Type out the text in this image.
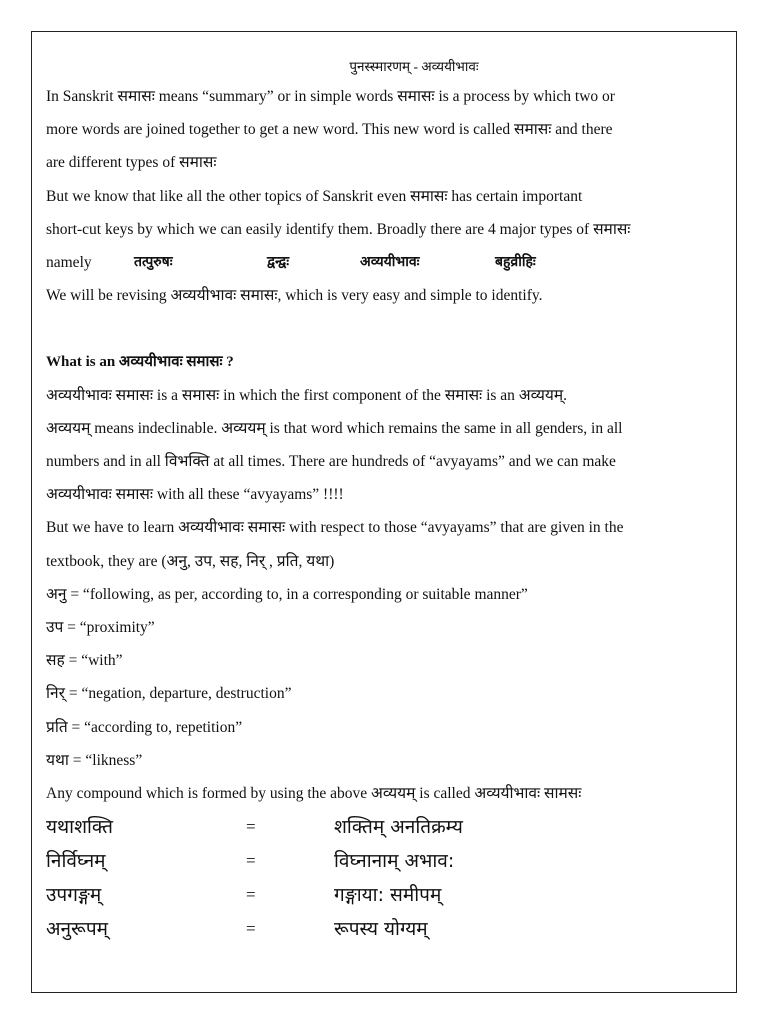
पुनस्स्मारणम् - अव्ययीभावः
In Sanskrit समासः means “summary” or in simple words समासः is a process by which two or
more words are joined together to get a new word. This new word is called समासः and there
are different types of समासः
But we know that like all the other topics of Sanskrit even समासः has certain important
short-cut keys by which we can easily identify them. Broadly there are 4 major types of समासः
namely	तत्पुरुषः	द्वन्द्वः	अव्ययीभावः	बहुव्रीहिः
We will be revising अव्ययीभावः समासः, which is very easy and simple to identify.
What is an अव्ययीभावः समासः ?
अव्ययीभावः समासः is a समासः in which the first component of the समासः is an अव्ययम्.
अव्ययम् means indeclinable. अव्ययम् is that word which remains the same in all genders, in all
numbers and in all विभक्ति at all times. There are hundreds of “avyayams” and we can make
अव्ययीभावः समासः with all these “avyayams” !!!!
But we have to learn अव्ययीभावः समासः with respect to those “avyayams” that are given in the
textbook, they are (अनु, उप, सह, निर् , प्रति, यथा)
अनु = “following, as per, according to, in a corresponding or suitable manner”
उप = “proximity”
सह = “with”
निर् = “negation, departure, destruction”
प्रति = “according to, repetition”
यथा = “likness”
Any compound which is formed by using the above अव्ययम् is called अव्ययीभावः सामसः
यथाशक्ति	=	शक्तिम् अनतिक्रम्य
निर्विघ्नम्	=	विघ्नानाम् अभाव:
उपगङ्गम्	=	गङ्गाया: समीपम्
अनुरूपम्	=	रूपस्य योग्यम्
